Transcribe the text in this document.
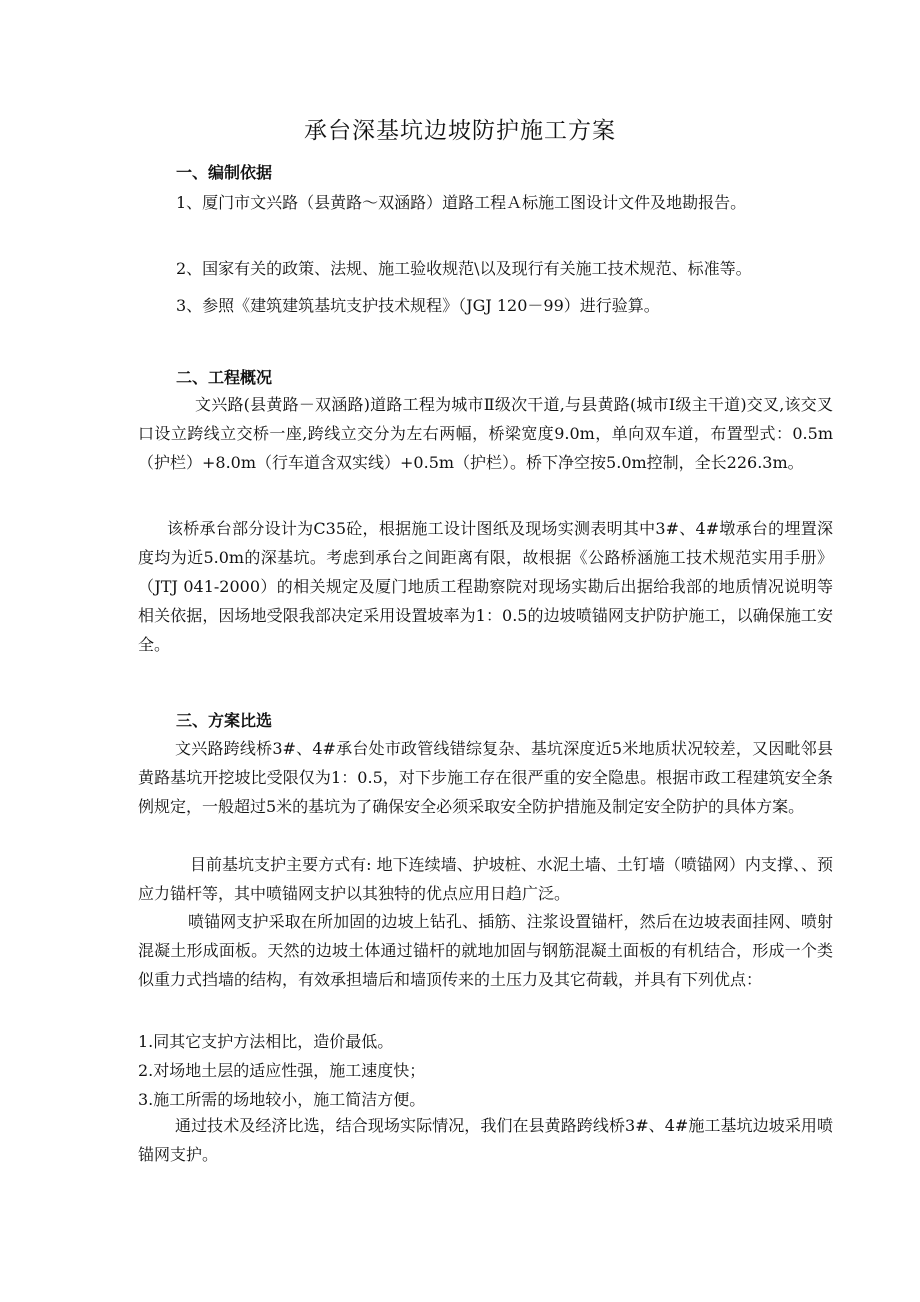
承台深基坑边坡防护施工方案
一、编制依据
1、厦门市文兴路（县黄路～双涵路）道路工程Ａ标施工图设计文件及地勘报告。
2、国家有关的政策、法规、施工验收规范\以及现行有关施工技术规范、标准等。
3、参照《建筑建筑基坑支护技术规程》（JGJ 120－99）进行验算。
二、工程概况
文兴路(县黄路－双涵路)道路工程为城市Ⅱ级次干道,与县黄路(城市Ⅰ级主干道)交叉,该交叉口设立跨线立交桥一座,跨线立交分为左右两幅，桥梁宽度9.0m，单向双车道，布置型式：0.5m（护栏）+8.0m（行车道含双实线）+0.5m（护栏）。桥下净空按5.0m控制，全长226.3m。
该桥承台部分设计为C35砼，根据施工设计图纸及现场实测表明其中3#、4#墩承台的埋置深度均为近5.0m的深基坑。考虑到承台之间距离有限，故根据《公路桥涵施工技术规范实用手册》（JTJ 041-2000）的相关规定及厦门地质工程勘察院对现场实勘后出据给我部的地质情况说明等相关依据，因场地受限我部决定采用设置坡率为1：0.5的边坡喷锚网支护防护施工，以确保施工安全。
三、方案比选
文兴路跨线桥3#、4#承台处市政管线错综复杂、基坑深度近5米地质状况较差，又因毗邻县黄路基坑开挖坡比受限仅为1：0.5，对下步施工存在很严重的安全隐患。根据市政工程建筑安全条例规定，一般超过5米的基坑为了确保安全必须采取安全防护措施及制定安全防护的具体方案。
目前基坑支护主要方式有: 地下连续墙、护坡桩、水泥土墙、土钉墙（喷锚网）内支撑、、预应力锚杆等，其中喷锚网支护以其独特的优点应用日趋广泛。
喷锚网支护采取在所加固的边坡上钻孔、插筋、注浆设置锚杆，然后在边坡表面挂网、喷射混凝土形成面板。天然的边坡土体通过锚杆的就地加固与钢筋混凝土面板的有机结合，形成一个类似重力式挡墙的结构，有效承担墙后和墙顶传来的土压力及其它荷载，并具有下列优点：
1.同其它支护方法相比，造价最低。
2.对场地土层的适应性强，施工速度快；
3.施工所需的场地较小，施工简洁方便。
通过技术及经济比选，结合现场实际情况，我们在县黄路跨线桥3#、4#施工基坑边坡采用喷锚网支护。
